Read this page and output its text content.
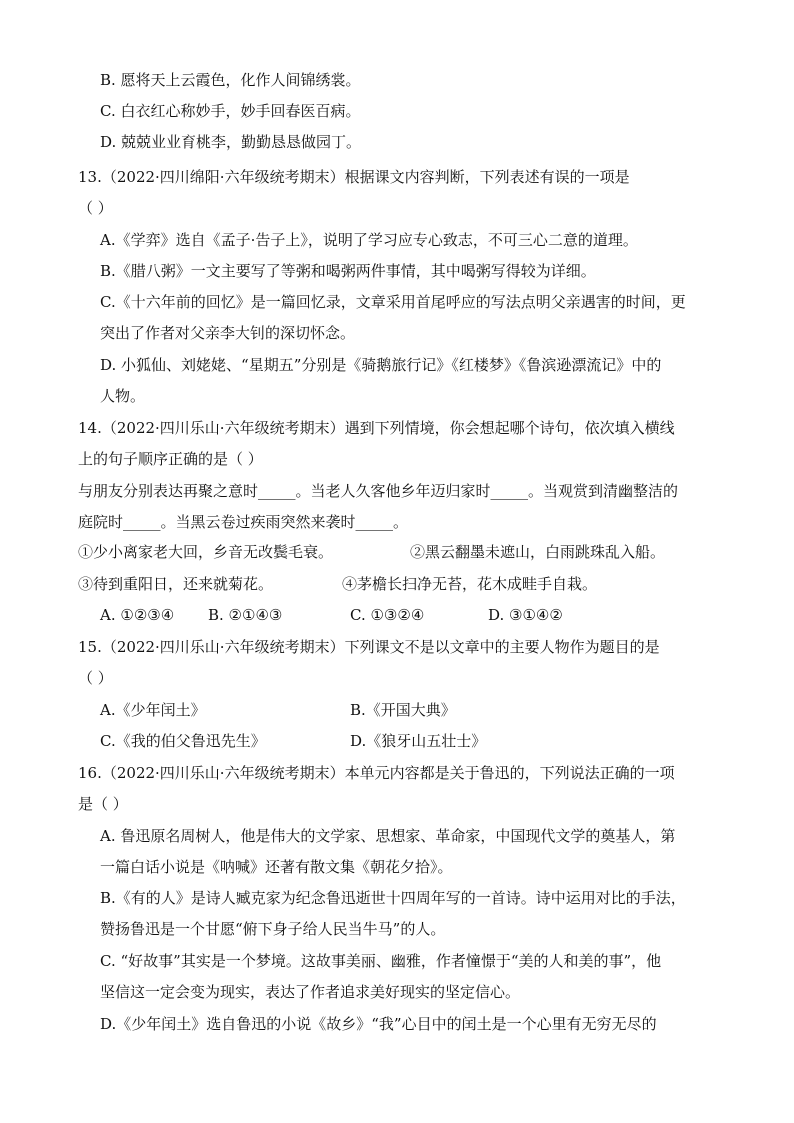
B. 愿将天上云霞色，化作人间锦绣裳。
C. 白衣红心称妙手，妙手回春医百病。
D. 兢兢业业育桃李，勤勤恳恳做园丁。
13.（2022·四川绵阳·六年级统考期末）根据课文内容判断，下列表述有误的一项是
（ ）
A.《学弈》选自《孟子·告子上》，说明了学习应专心致志，不可三心二意的道理。
B.《腊八粥》一文主要写了等粥和喝粥两件事情，其中喝粥写得较为详细。
C.《十六年前的回忆》是一篇回忆录，文章采用首尾呼应的写法点明父亲遇害的时间，更
突出了作者对父亲李大钊的深切怀念。
D. 小狐仙、刘姥姥、“星期五”分别是《骑鹅旅行记》《红楼梦》《鲁滨逊漂流记》中的
人物。
14.（2022·四川乐山·六年级统考期末）遇到下列情境，你会想起哪个诗句，依次填入横线
上的句子顺序正确的是（ ）
与朋友分别表达再聚之意时_____。当老人久客他乡年迈归家时_____。当观赏到清幽整洁的
庭院时_____。当黑云卷过疾雨突然来袭时_____。
①少小离家老大回，乡音无改鬓毛衰。	②黑云翻墨未遮山，白雨跳珠乱入船。
③待到重阳日，还来就菊花。	④茅檐长扫净无苔，花木成畦手自栽。
A. ①②③④ B. ②①④③	C. ①③②④	D. ③①④②
15.（2022·四川乐山·六年级统考期末）下列课文不是以文章中的主要人物作为题目的是
（ ）
A.《少年闰土》	B.《开国大典》
C.《我的伯父鲁迅先生》	D.《狼牙山五壮士》
16.（2022·四川乐山·六年级统考期末）本单元内容都是关于鲁迅的，下列说法正确的一项
是（ ）
A. 鲁迅原名周树人，他是伟大的文学家、思想家、革命家，中国现代文学的奠基人，第
一篇白话小说是《呐喊》还著有散文集《朝花夕拾》。
B.《有的人》是诗人臧克家为纪念鲁迅逝世十四周年写的一首诗。诗中运用对比的手法，
赞扬鲁迅是一个甘愿“俯下身子给人民当牛马”的人。
C. “好故事”其实是一个梦境。这故事美丽、幽雅，作者憧憬于“美的人和美的事”，他
坚信这一定会变为现实，表达了作者追求美好现实的坚定信心。
D.《少年闰土》选自鲁迅的小说《故乡》“我”心目中的闰土是一个心里有无穷无尽的
